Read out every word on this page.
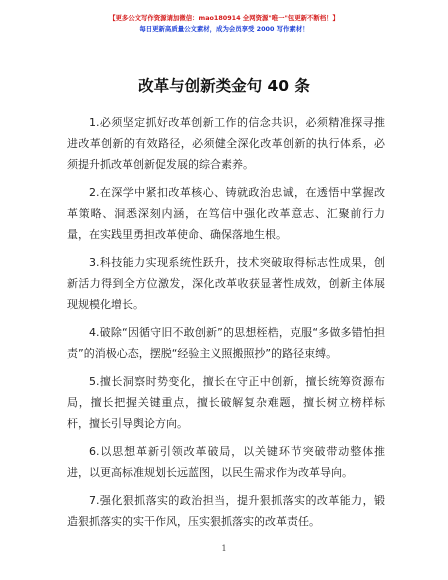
【更多公文写作资源请加微信：mao180914 全网资源"唯一"包更新不断档！】
每日更新高质量公文素材，成为会员享受 2000 写作素材！
改革与创新类金句 40 条

1.必须坚定抓好改革创新工作的信念共识，必须精准探寻推进改革创新的有效路径，必须健全深化改革创新的执行体系，必须提升抓改革创新促发展的综合素养。

2.在深学中紧扣改革核心、铸就政治忠诚，在透悟中掌握改革策略、洞悉深刻内涵，在笃信中强化改革意志、汇聚前行力量，在实践里勇担改革使命、确保落地生根。

3.科技能力实现系统性跃升，技术突破取得标志性成果，创新活力得到全方位激发，深化改革收获显著性成效，创新主体展现规模化增长。

4.破除“因循守旧不敢创新”的思想桎梏，克服“多做多错怕担责”的消极心态，摆脱“经验主义照搬照抄”的路径束缚。

5.擅长洞察时势变化，擅长在守正中创新，擅长统筹资源布局，擅长把握关键重点，擅长破解复杂难题，擅长树立榜样标杆，擅长引导舆论方向。

6.以思想革新引领改革破局，以关键环节突破带动整体推进，以更高标准规划长远蓝图，以民生需求作为改革导向。

7.强化狠抓落实的政治担当，提升狠抓落实的改革能力，锻造狠抓落实的实干作风，压实狠抓落实的改革责任。

1
